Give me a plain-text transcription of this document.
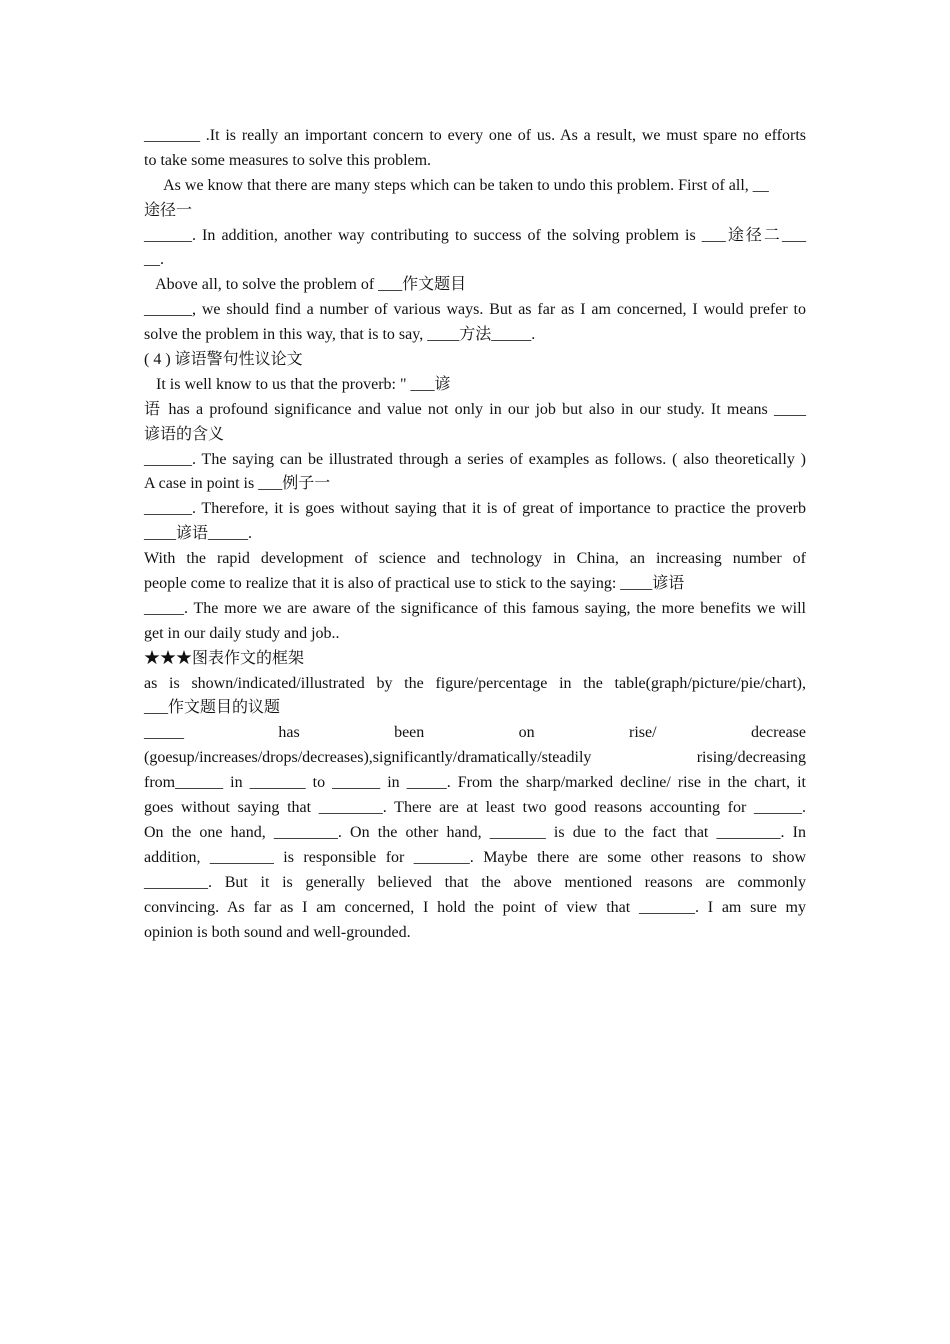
_______ .It is really an important concern to every one of us. As a result, we must spare no efforts
to take some measures to solve this problem.
As we know that there are many steps which can be taken to undo this problem. First of all, __
途径一
______. In addition, another way contributing to success of the solving problem is ___途径二___
__.
Above all, to solve the problem of ___作文题目
______, we should find a number of various ways. But as far as I am concerned, I would prefer to
solve the problem in this way, that is to say, ____方法_____.
( 4 ) 谚语警句性议论文
It is well know to us that the proverb: " ___谚
语 has a profound significance and value not only in our job but also in our study. It means ____
谚语的含义
______. The saying can be illustrated through a series of examples as follows. ( also theoretically )
A case in point is ___例子一
______. Therefore, it is goes without saying that it is of great of importance to practice the proverb
____谚语_____.
With the rapid development of science and technology in China, an increasing number of
people come to realize that it is also of practical use to stick to the saying: ____谚语
_____. The more we are aware of the significance of this famous saying, the more benefits we will
get in our daily study and job..
★★★图表作文的框架
as is shown/indicated/illustrated by the figure/percentage in the table(graph/picture/pie/chart),
___作文题目的议题
_____ has been on rise/ decrease
(goesup/increases/drops/decreases),significantly/dramatically/steadily rising/decreasing
from______ in _______ to ______ in _____. From the sharp/marked decline/ rise in the chart, it
goes without saying that ________. There are at least two good reasons accounting for ______.
On the one hand, ________. On the other hand, _______ is due to the fact that ________. In
addition, ________ is responsible for _______. Maybe there are some other reasons to show
________. But it is generally believed that the above mentioned reasons are commonly
convincing. As far as I am concerned, I hold the point of view that _______. I am sure my
opinion is both sound and well-grounded.
